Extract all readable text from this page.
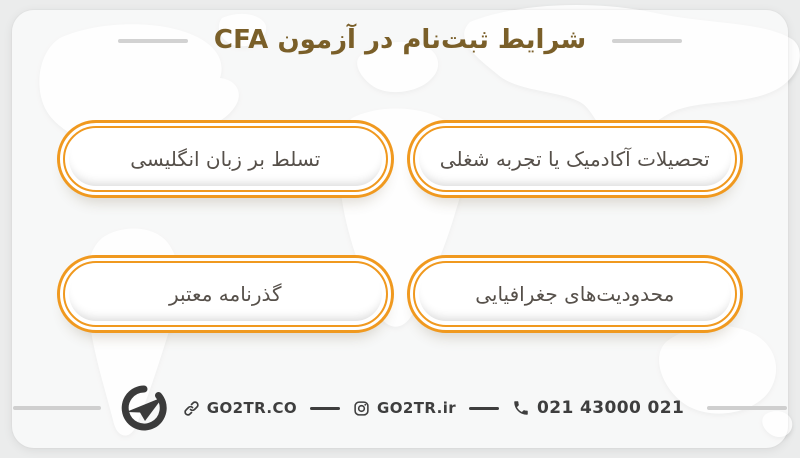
شرایط ثبت‌نام در آزمون CFA
تحصیلات آکادمیک یا تجربه شغلی
تسلط بر زبان انگلیسی
محدودیت‌های جغرافیایی
گذرنامه معتبر
GO2TR.CO	GO2TR.ir	021 43000 021
